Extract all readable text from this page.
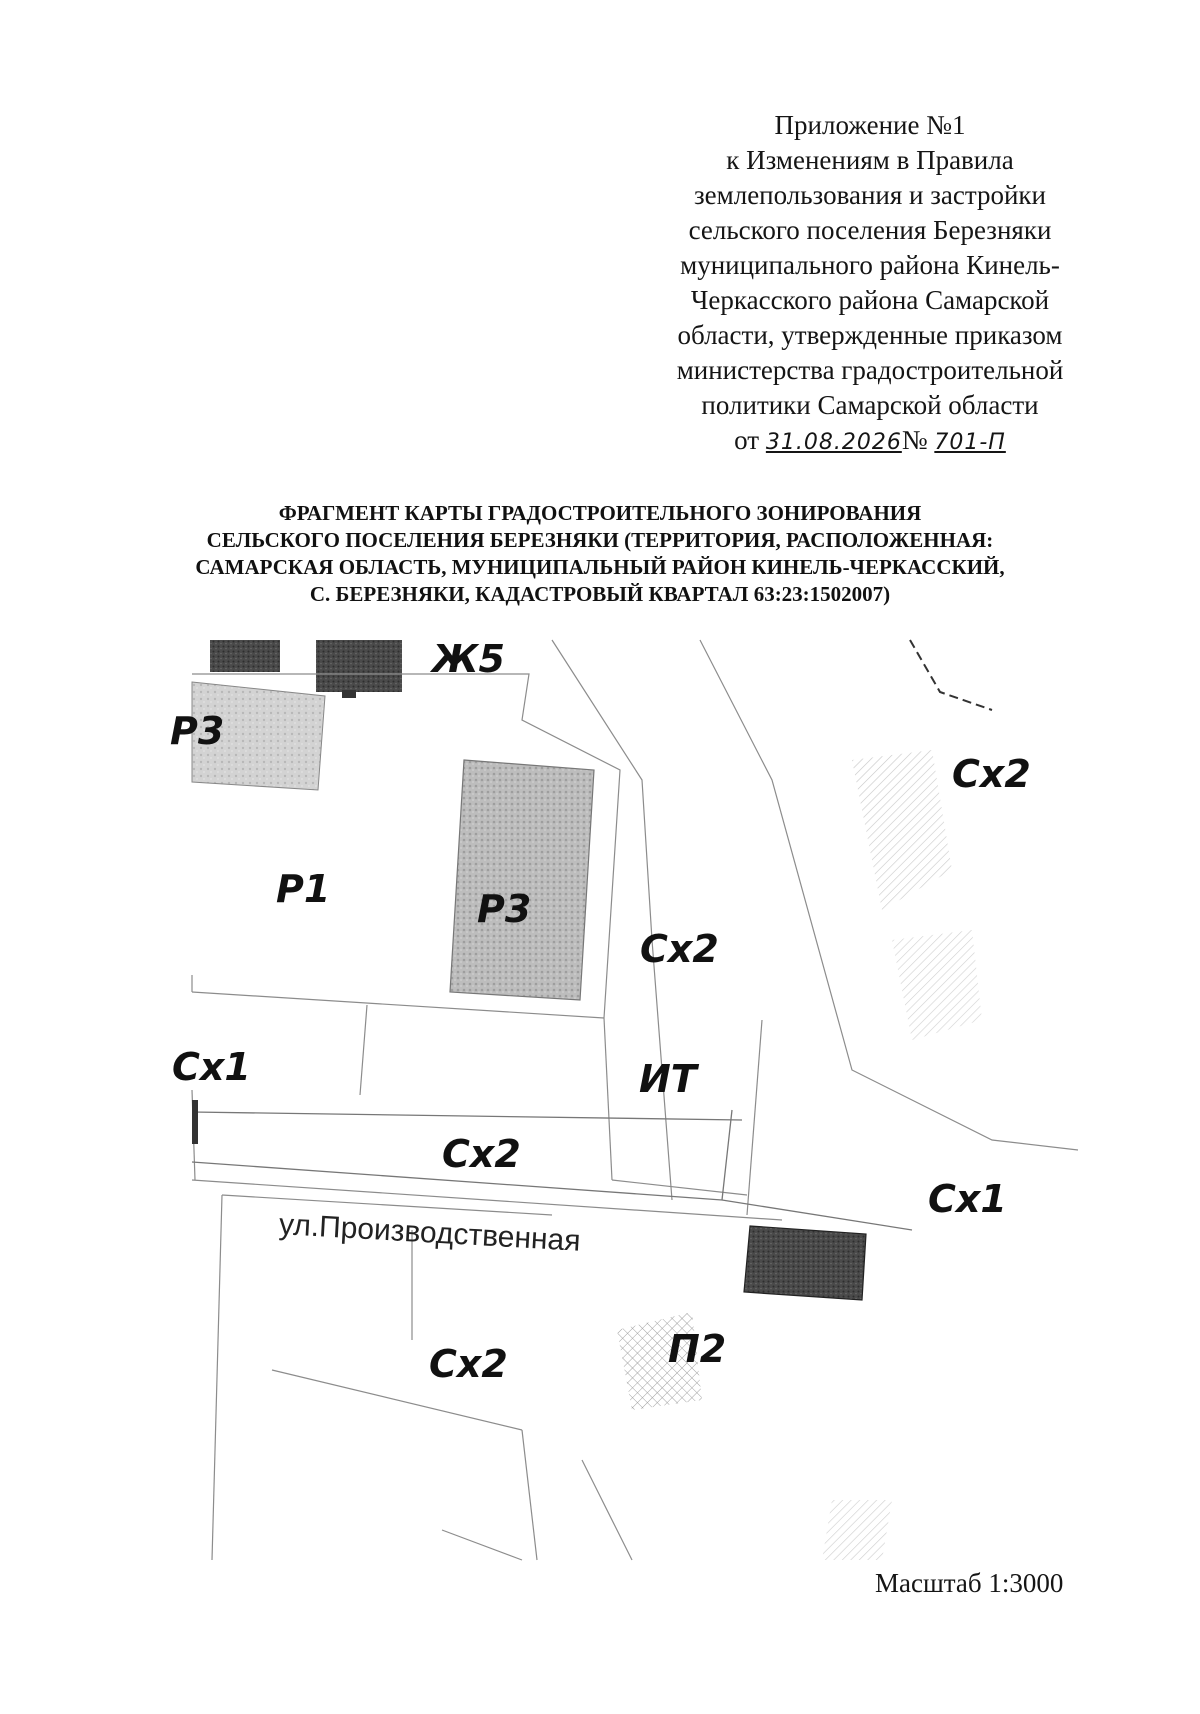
Приложение №1
к Изменениям в Правила
землепользования и застройки
сельского поселения Березняки
муниципального района Кинель-
Черкасского района Самарской
области, утвержденные приказом
министерства градостроительной
политики Самарской области
от 31.08.2026№ 701-П
ФРАГМЕНТ КАРТЫ ГРАДОСТРОИТЕЛЬНОГО ЗОНИРОВАНИЯ
СЕЛЬСКОГО ПОСЕЛЕНИЯ БЕРЕЗНЯКИ (ТЕРРИТОРИЯ, РАСПОЛОЖЕННАЯ:
САМАРСКАЯ ОБЛАСТЬ, МУНИЦИПАЛЬНЫЙ РАЙОН КИНЕЛЬ-ЧЕРКАССКИЙ,
С. БЕРЕЗНЯКИ, КАДАСТРОВЫЙ КВАРТАЛ 63:23:1502007)
Ж5
Р3
Сх2
Р1	Р3
Сх2
Сх1	ИТ
Сх2
Сх1
Сх2	П2
ул.Производственная
Масштаб 1:3000
